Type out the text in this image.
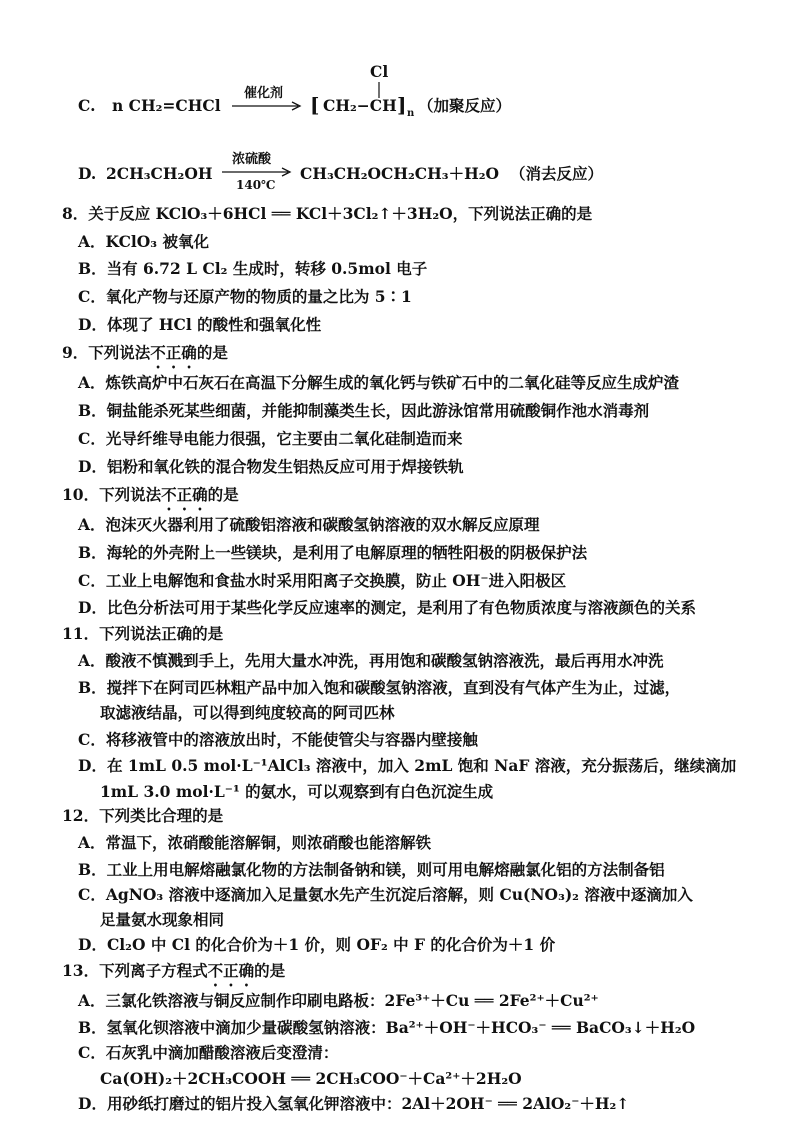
C. n CH₂=CHCl
催化剂
Cl
[ CH₂−CH ] n （加聚反应）
D. 2CH₃CH₂OH
浓硫酸
140℃
CH₃CH₂OCH₂CH₃＋H₂O （消去反应）
8．关于反应 KClO₃＋6HCl ══ KCl＋3Cl₂↑＋3H₂O，下列说法正确的是
A．KClO₃ 被氧化
B．当有 6.72 L Cl₂ 生成时，转移 0.5mol 电子
C．氧化产物与还原产物的物质的量之比为 5∶1
D．体现了 HCl 的酸性和强氧化性
9．下列说法不正确的是
A．炼铁高炉中石灰石在高温下分解生成的氧化钙与铁矿石中的二氧化硅等反应生成炉渣
B．铜盐能杀死某些细菌，并能抑制藻类生长，因此游泳馆常用硫酸铜作池水消毒剂
C．光导纤维导电能力很强，它主要由二氧化硅制造而来
D．铝粉和氧化铁的混合物发生铝热反应可用于焊接铁轨
10．下列说法不正确的是
A．泡沫灭火器利用了硫酸铝溶液和碳酸氢钠溶液的双水解反应原理
B．海轮的外壳附上一些镁块，是利用了电解原理的牺牲阳极的阴极保护法
C．工业上电解饱和食盐水时采用阳离子交换膜，防止 OH⁻进入阳极区
D．比色分析法可用于某些化学反应速率的测定，是利用了有色物质浓度与溶液颜色的关系
11．下列说法正确的是
A．酸液不慎溅到手上，先用大量水冲洗，再用饱和碳酸氢钠溶液洗，最后再用水冲洗
B．搅拌下在阿司匹林粗产品中加入饱和碳酸氢钠溶液，直到没有气体产生为止，过滤，
取滤液结晶，可以得到纯度较高的阿司匹林
C．将移液管中的溶液放出时，不能使管尖与容器内壁接触
D．在 1mL 0.5 mol·L⁻¹AlCl₃ 溶液中，加入 2mL 饱和 NaF 溶液，充分振荡后，继续滴加
1mL 3.0 mol·L⁻¹ 的氨水，可以观察到有白色沉淀生成
12．下列类比合理的是
A．常温下，浓硝酸能溶解铜，则浓硝酸也能溶解铁
B．工业上用电解熔融氯化物的方法制备钠和镁，则可用电解熔融氯化铝的方法制备铝
C．AgNO₃ 溶液中逐滴加入足量氨水先产生沉淀后溶解，则 Cu(NO₃)₂ 溶液中逐滴加入
足量氨水现象相同
D．Cl₂O 中 Cl 的化合价为＋1 价，则 OF₂ 中 F 的化合价为＋1 价
13．下列离子方程式不正确的是
A．三氯化铁溶液与铜反应制作印刷电路板：2Fe³⁺＋Cu ══ 2Fe²⁺＋Cu²⁺
B．氢氧化钡溶液中滴加少量碳酸氢钠溶液：Ba²⁺＋OH⁻＋HCO₃⁻ ══ BaCO₃↓＋H₂O
C．石灰乳中滴加醋酸溶液后变澄清：
Ca(OH)₂＋2CH₃COOH ══ 2CH₃COO⁻＋Ca²⁺＋2H₂O
D．用砂纸打磨过的铝片投入氢氧化钾溶液中：2Al＋2OH⁻ ══ 2AlO₂⁻＋H₂↑
